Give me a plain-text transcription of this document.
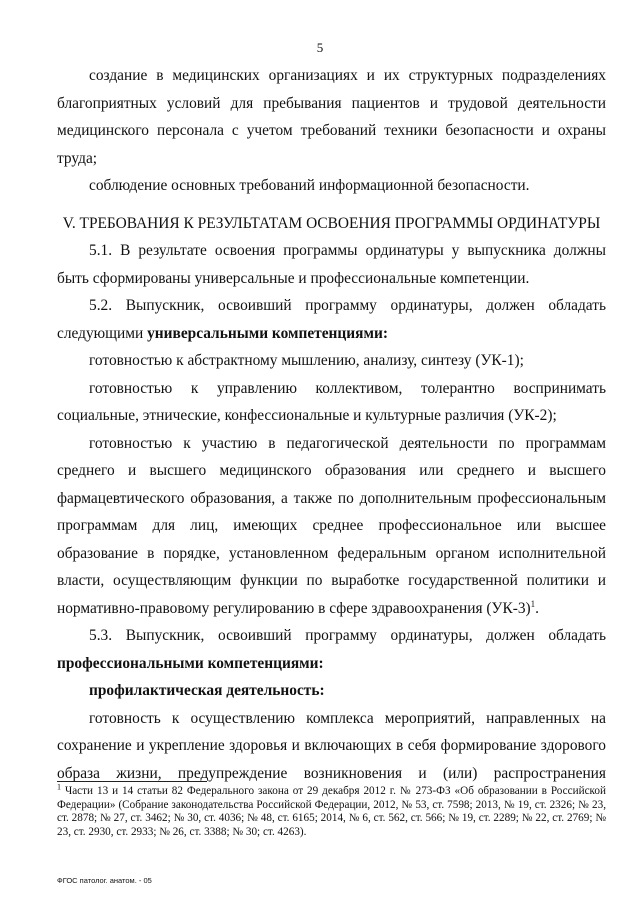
5

создание в медицинских организациях и их структурных подразделениях благоприятных условий для пребывания пациентов и трудовой деятельности медицинского персонала с учетом требований техники безопасности и охраны труда;

соблюдение основных требований информационной безопасности.

V. ТРЕБОВАНИЯ К РЕЗУЛЬТАТАМ ОСВОЕНИЯ ПРОГРАММЫ ОРДИНАТУРЫ

5.1. В результате освоения программы ординатуры у выпускника должны быть сформированы универсальные и профессиональные компетенции.

5.2. Выпускник, освоивший программу ординатуры, должен обладать следующими универсальными компетенциями:

готовностью к абстрактному мышлению, анализу, синтезу (УК-1);

готовностью к управлению коллективом, толерантно воспринимать социальные, этнические, конфессиональные и культурные различия (УК-2);

готовностью к участию в педагогической деятельности по программам среднего и высшего медицинского образования или среднего и высшего фармацевтического образования, а также по дополнительным профессиональным программам для лиц, имеющих среднее профессиональное или высшее образование в порядке, установленном федеральным органом исполнительной власти, осуществляющим функции по выработке государственной политики и нормативно-правовому регулированию в сфере здравоохранения $(УК-3)^1$.

5.3. Выпускник, освоивший программу ординатуры, должен обладать профессиональными компетенциями:

профилактическая деятельность:

готовность к осуществлению комплекса мероприятий, направленных на сохранение и укрепление здоровья и включающих в себя формирование здорового образа жизни, предупреждение возникновения и (или) распространения

$^1$ Части 13 и 14 статьи 82 Федерального закона от 29 декабря 2012 г. № 273-ФЗ «Об образовании в Российской Федерации» (Собрание законодательства Российской Федерации, 2012, № 53, ст. 7598; 2013, № 19, ст. 2326; № 23, ст. 2878; № 27, ст. 3462; № 30, ст. 4036; № 48, ст. 6165; 2014, № 6, ст. 562, ст. 566; № 19, ст. 2289; № 22, ст. 2769; № 23, ст. 2930, ст. 2933; № 26, ст. 3388; № 30; ст. 4263).
ФГОС патолог. анатом. - 05
